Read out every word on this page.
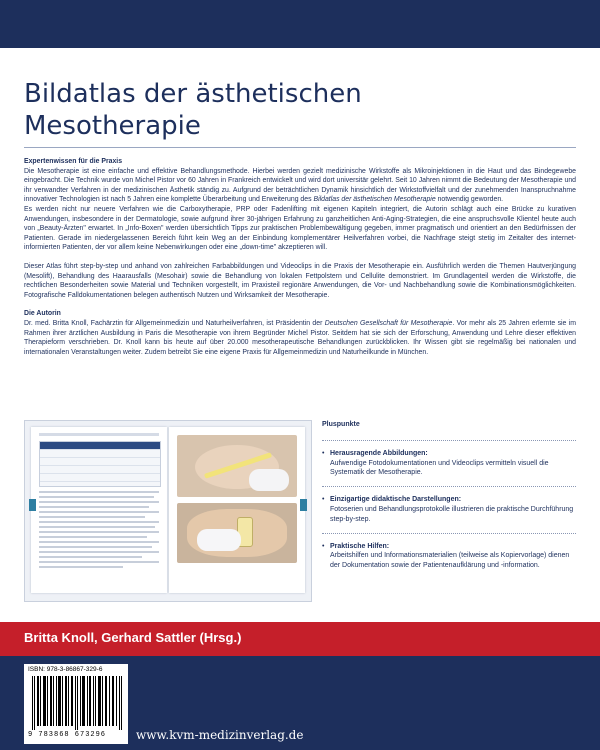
Bildatlas der ästhetischen
Mesotherapie

Expertenwissen für die Praxis

Die Mesotherapie ist eine einfache und effektive Behandlungsmethode. Hierbei werden gezielt medizinische Wirkstoffe als Mikroinjektionen in die Haut und das Bindegewebe eingebracht. Die Technik wurde von Michel Pistor vor 60 Jahren in Frankreich entwickelt und wird dort universitär gelehrt. Seit 10 Jahren nimmt die Bedeutung der Mesotherapie und ihr verwandter Verfahren in der medizinischen Ästhetik ständig zu. Aufgrund der beträchtlichen Dynamik hinsichtlich der Wirkstoffvielfalt und der zunehmenden Inanspruchnahme innovativer Technologien ist nach 5 Jahren eine komplette Überarbeitung und Erweiterung des Bildatlas der ästhetischen Mesotherapie notwendig geworden.

Es werden nicht nur neuere Verfahren wie die Carboxytherapie, PRP oder Fadenlifting mit eigenen Kapiteln integriert, die Autorin schlägt auch eine Brücke zu kurativen Anwendungen, insbesondere in der Dermatologie, sowie aufgrund ihrer 30-jährigen Erfahrung zu ganzheitlichen Anti-Aging-Strategien, die eine anspruchsvolle Klientel heute auch von „Beauty-Ärzten" erwartet. In „Info-Boxen" werden übersichtlich Tipps zur praktischen Problembewältigung gegeben, immer pragmatisch und orientiert an den Bedürfnissen der Patienten. Gerade im niedergelassenen Bereich führt kein Weg an der Einbindung komplementärer Heilverfahren vorbei, die Nachfrage steigt stetig im Zeitalter des internet-informierten Patienten, der vor allem keine Nebenwirkungen oder eine „down-time" akzeptieren will.

Dieser Atlas führt step-by-step und anhand von zahlreichen Farbabbildungen und Videoclips in die Praxis der Mesotherapie ein. Ausführlich werden die Themen Hautverjüngung (Mesolift), Behandlung des Haarausfalls (Mesohair) sowie die Behandlung von lokalen Fettpolstern und Cellulite demonstriert. Im Grundlagenteil werden die Wirkstoffe, die rechtlichen Besonderheiten sowie Material und Techniken vorgestellt, im Praxisteil regionäre Anwendungen, die Vor- und Nachbehandlung sowie die Kombinationsmöglichkeiten. Fotografische Falldokumentationen belegen authentisch Nutzen und Wirksamkeit der Mesotherapie.

Die Autorin

Dr. med. Britta Knoll, Fachärztin für Allgemeinmedizin und Naturheilverfahren, ist Präsidentin der Deutschen Gesellschaft für Mesotherapie. Vor mehr als 25 Jahren erlernte sie im Rahmen ihrer ärztlichen Ausbildung in Paris die Mesotherapie von ihrem Begründer Michel Pistor. Seitdem hat sie sich der Erforschung, Anwendung und Lehre dieser effektiven Therapieform verschrieben. Dr. Knoll kann bis heute auf über 20.000 mesotherapeutische Behandlungen zurückblicken. Ihr Wissen gibt sie regelmäßig bei nationalen und internationalen Veranstaltungen weiter. Zudem betreibt Sie eine eigene Praxis für Allgemeinmedizin und Naturheilkunde in München.

Pluspunkte
• Herausragende Abbildungen:
Aufwendige Fotodokumentationen und Videoclips vermitteln visuell die Systematik der Mesotherapie.
• Einzigartige didaktische Darstellungen:
Fotoserien und Behandlungsprotokolle illustrieren die praktische Durchführung step-by-step.
• Praktische Hilfen:
Arbeitshilfen und Informationsmaterialien (teilweise als Kopiervorlage) dienen der Dokumentation sowie der Patientenaufklärung und -information.
Britta Knoll, Gerhard Sattler (Hrsg.)
ISBN: 978-3-86867-329-6
9 783868 673296	www.kvm-medizinverlag.de
